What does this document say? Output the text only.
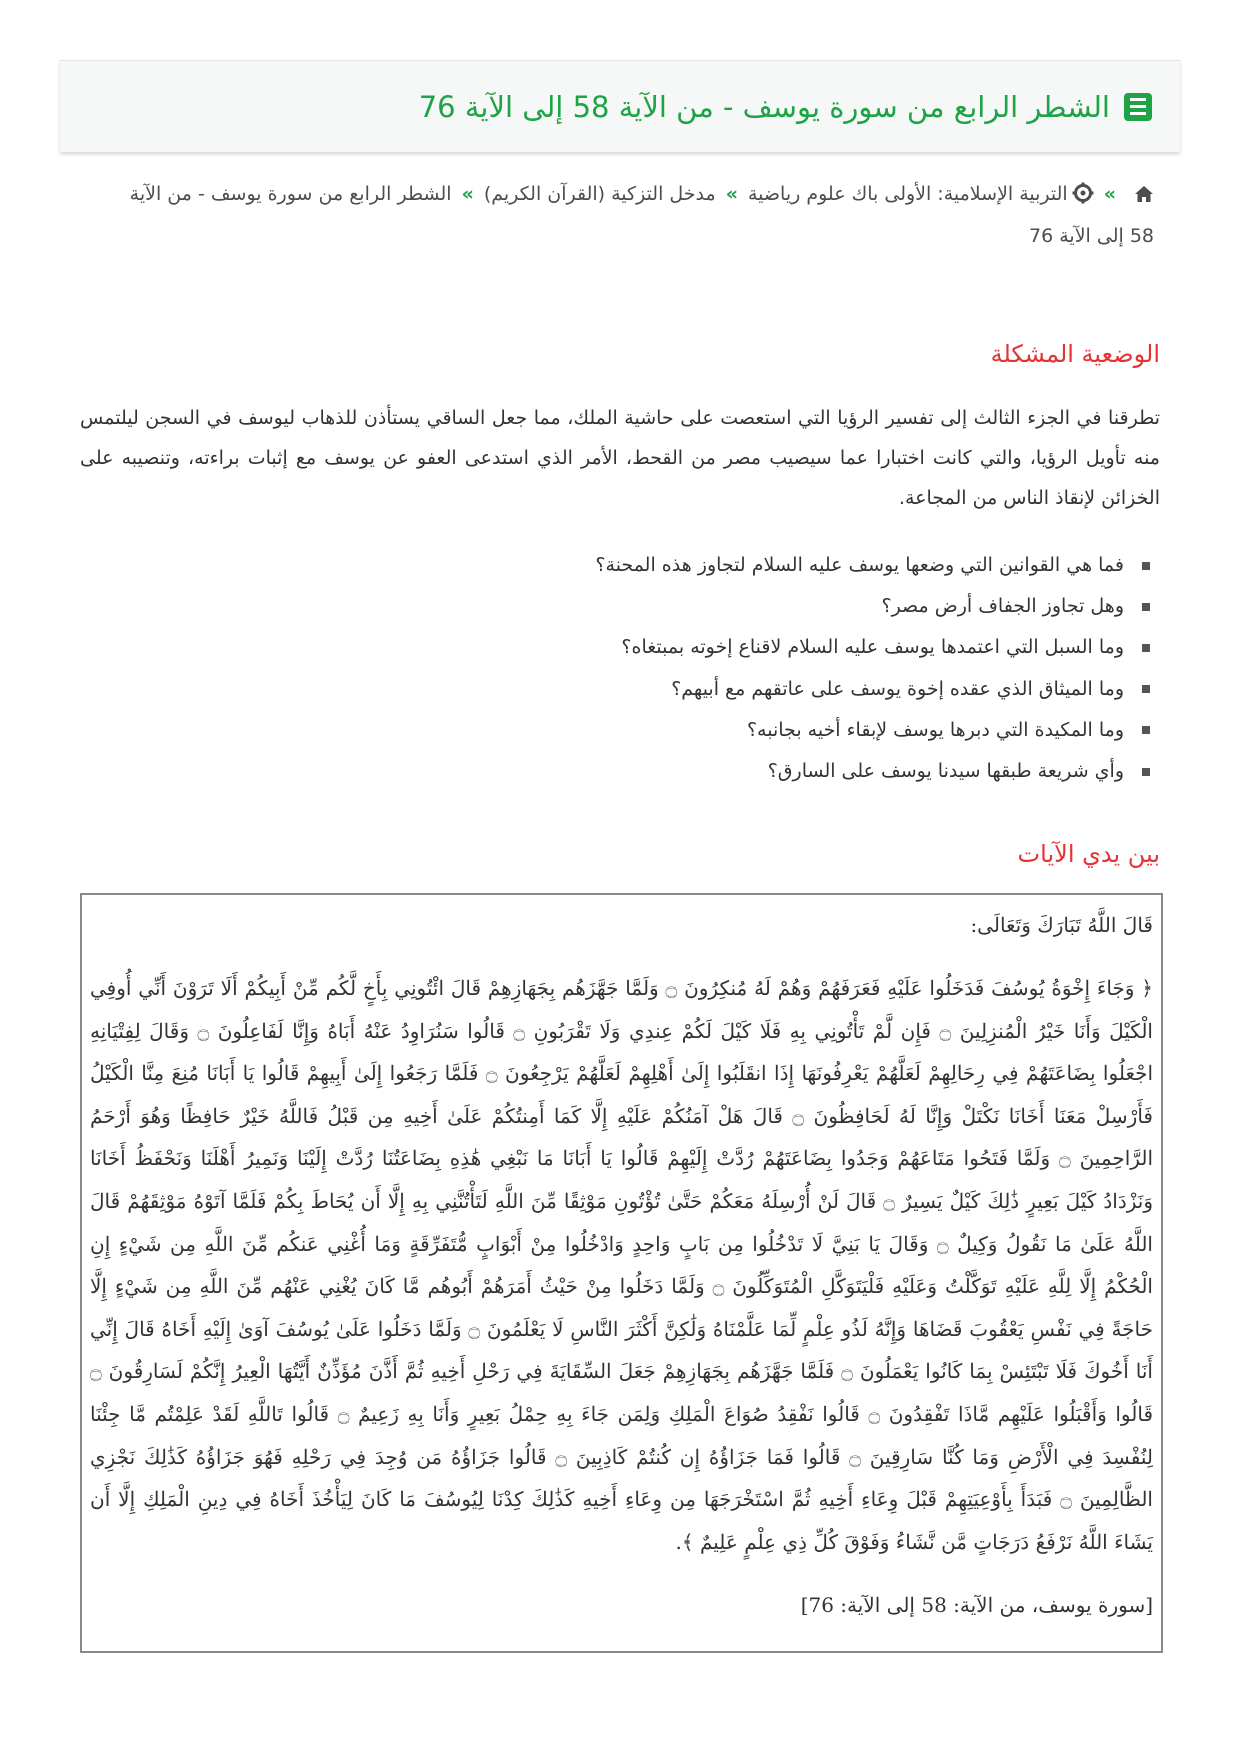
الشطر الرابع من سورة يوسف - من الآية 58 إلى الآية 76
»التربية الإسلامية: الأولى باك علوم رياضية»مدخل التزكية (القرآن الكريم)»الشطر الرابع من سورة يوسف - من الآية 58 إلى الآية 76
الوضعية المشكلة

تطرقنا في الجزء الثالث إلى تفسير الرؤيا التي استعصت على حاشية الملك، مما جعل الساقي يستأذن للذهاب ليوسف في السجن ليلتمس منه تأويل الرؤيا، والتي كانت اختبارا عما سيصيب مصر من القحط، الأمر الذي استدعى العفو عن يوسف مع إثبات براءته، وتنصيبه على الخزائن لإنقاذ الناس من المجاعة.

فما هي القوانين التي وضعها يوسف عليه السلام لتجاوز هذه المحنة؟
وهل تجاوز الجفاف أرض مصر؟
وما السبل التي اعتمدها يوسف عليه السلام لاقناع إخوته بمبتغاه؟
وما الميثاق الذي عقده إخوة يوسف على عاتقهم مع أبيهم؟
وما المكيدة التي دبرها يوسف لإبقاء أخيه بجانبه؟
وأي شريعة طبقها سيدنا يوسف على السارق؟
بين يدي الآيات

قَالَ اللَّهُ تَبَارَكَ وَتَعَالَى:

﴿ وَجَاءَ إِخْوَةُ يُوسُفَ فَدَخَلُوا عَلَيْهِ فَعَرَفَهُمْ وَهُمْ لَهُ مُنكِرُونَ ۝ وَلَمَّا جَهَّزَهُم بِجَهَازِهِمْ قَالَ ائْتُونِي بِأَخٍ لَّكُم مِّنْ أَبِيكُمْ أَلَا تَرَوْنَ أَنِّي أُوفِي الْكَيْلَ وَأَنَا خَيْرُ الْمُنزِلِينَ ۝ فَإِن لَّمْ تَأْتُونِي بِهِ فَلَا كَيْلَ لَكُمْ عِندِي وَلَا تَقْرَبُونِ ۝ قَالُوا سَنُرَاوِدُ عَنْهُ أَبَاهُ وَإِنَّا لَفَاعِلُونَ ۝ وَقَالَ لِفِتْيَانِهِ اجْعَلُوا بِضَاعَتَهُمْ فِي رِحَالِهِمْ لَعَلَّهُمْ يَعْرِفُونَهَا إِذَا انقَلَبُوا إِلَىٰ أَهْلِهِمْ لَعَلَّهُمْ يَرْجِعُونَ ۝ فَلَمَّا رَجَعُوا إِلَىٰ أَبِيهِمْ قَالُوا يَا أَبَانَا مُنِعَ مِنَّا الْكَيْلُ فَأَرْسِلْ مَعَنَا أَخَانَا نَكْتَلْ وَإِنَّا لَهُ لَحَافِظُونَ ۝ قَالَ هَلْ آمَنُكُمْ عَلَيْهِ إِلَّا كَمَا أَمِنتُكُمْ عَلَىٰ أَخِيهِ مِن قَبْلُ فَاللَّهُ خَيْرٌ حَافِظًا وَهُوَ أَرْحَمُ الرَّاحِمِينَ ۝ وَلَمَّا فَتَحُوا مَتَاعَهُمْ وَجَدُوا بِضَاعَتَهُمْ رُدَّتْ إِلَيْهِمْ قَالُوا يَا أَبَانَا مَا نَبْغِي هَٰذِهِ بِضَاعَتُنَا رُدَّتْ إِلَيْنَا وَنَمِيرُ أَهْلَنَا وَنَحْفَظُ أَخَانَا وَنَزْدَادُ كَيْلَ بَعِيرٍ ذَٰلِكَ كَيْلٌ يَسِيرٌ ۝ قَالَ لَنْ أُرْسِلَهُ مَعَكُمْ حَتَّىٰ تُؤْتُونِ مَوْثِقًا مِّنَ اللَّهِ لَتَأْتُنَّنِي بِهِ إِلَّا أَن يُحَاطَ بِكُمْ فَلَمَّا آتَوْهُ مَوْثِقَهُمْ قَالَ اللَّهُ عَلَىٰ مَا نَقُولُ وَكِيلٌ ۝ وَقَالَ يَا بَنِيَّ لَا تَدْخُلُوا مِن بَابٍ وَاحِدٍ وَادْخُلُوا مِنْ أَبْوَابٍ مُّتَفَرِّقَةٍ وَمَا أُغْنِي عَنكُم مِّنَ اللَّهِ مِن شَيْءٍ إِنِ الْحُكْمُ إِلَّا لِلَّهِ عَلَيْهِ تَوَكَّلْتُ وَعَلَيْهِ فَلْيَتَوَكَّلِ الْمُتَوَكِّلُونَ ۝ وَلَمَّا دَخَلُوا مِنْ حَيْثُ أَمَرَهُمْ أَبُوهُم مَّا كَانَ يُغْنِي عَنْهُم مِّنَ اللَّهِ مِن شَيْءٍ إِلَّا حَاجَةً فِي نَفْسِ يَعْقُوبَ قَضَاهَا وَإِنَّهُ لَذُو عِلْمٍ لِّمَا عَلَّمْنَاهُ وَلَٰكِنَّ أَكْثَرَ النَّاسِ لَا يَعْلَمُونَ ۝ وَلَمَّا دَخَلُوا عَلَىٰ يُوسُفَ آوَىٰ إِلَيْهِ أَخَاهُ قَالَ إِنِّي أَنَا أَخُوكَ فَلَا تَبْتَئِسْ بِمَا كَانُوا يَعْمَلُونَ ۝ فَلَمَّا جَهَّزَهُم بِجَهَازِهِمْ جَعَلَ السِّقَايَةَ فِي رَحْلِ أَخِيهِ ثُمَّ أَذَّنَ مُؤَذِّنٌ أَيَّتُهَا الْعِيرُ إِنَّكُمْ لَسَارِقُونَ ۝ قَالُوا وَأَقْبَلُوا عَلَيْهِم مَّاذَا تَفْقِدُونَ ۝ قَالُوا نَفْقِدُ صُوَاعَ الْمَلِكِ وَلِمَن جَاءَ بِهِ حِمْلُ بَعِيرٍ وَأَنَا بِهِ زَعِيمٌ ۝ قَالُوا تَاللَّهِ لَقَدْ عَلِمْتُم مَّا جِئْنَا لِنُفْسِدَ فِي الْأَرْضِ وَمَا كُنَّا سَارِقِينَ ۝ قَالُوا فَمَا جَزَاؤُهُ إِن كُنتُمْ كَاذِبِينَ ۝ قَالُوا جَزَاؤُهُ مَن وُجِدَ فِي رَحْلِهِ فَهُوَ جَزَاؤُهُ كَذَٰلِكَ نَجْزِي الظَّالِمِينَ ۝ فَبَدَأَ بِأَوْعِيَتِهِمْ قَبْلَ وِعَاءِ أَخِيهِ ثُمَّ اسْتَخْرَجَهَا مِن وِعَاءِ أَخِيهِ كَذَٰلِكَ كِدْنَا لِيُوسُفَ مَا كَانَ لِيَأْخُذَ أَخَاهُ فِي دِينِ الْمَلِكِ إِلَّا أَن يَشَاءَ اللَّهُ نَرْفَعُ دَرَجَاتٍ مَّن نَّشَاءُ وَفَوْقَ كُلِّ ذِي عِلْمٍ عَلِيمٌ ﴾.

[سورة يوسف، من الآية: 58 إلى الآية: 76]
